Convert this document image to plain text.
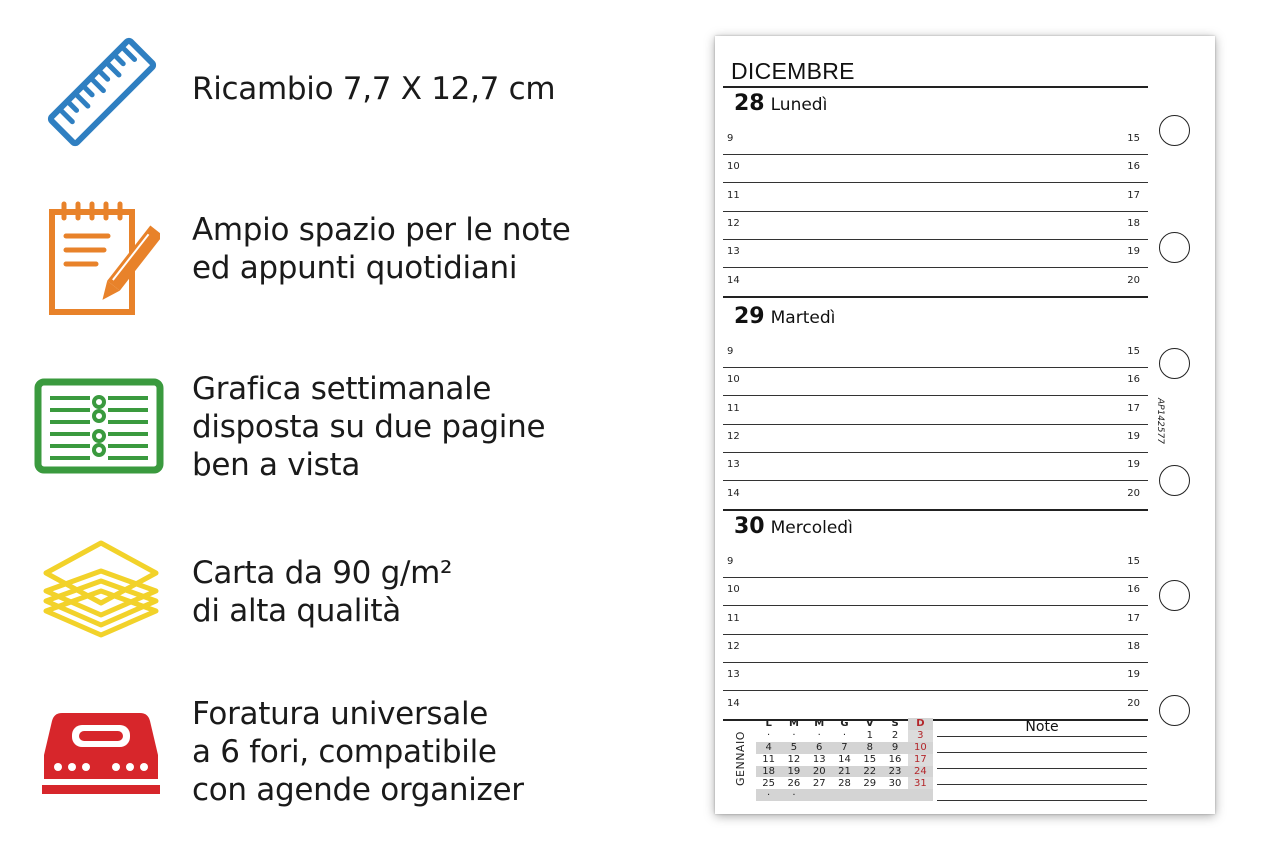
Ricambio 7,7 X 12,7 cm
Ampio spazio per le note
ed appunti quotidiani
Grafica settimanale
disposta su due pagine
ben a vista
Carta da 90 g/m²
di alta qualità
Foratura universale
a 6 fori, compatibile
con agende organizer
DICEMBRE
28 Lunedì
9	15
10	16
11	17
12	18
13	19
14	20
29 Martedì
9	15
10	16
11	17
12	19
13	19
14	20
30 Mercoledì
9	15
10	16
11	17
12	18
13	19
14	20
AP142577
GENNAIO
L	M	M	G	V	S	D
·	·	·	·	1	2	3
4	5	6	7	8	9	10
11	12	13	14	15	16	17
18	19	20	21	22	23	24
25	26	27	28	29	30	31
·	·					
Note
